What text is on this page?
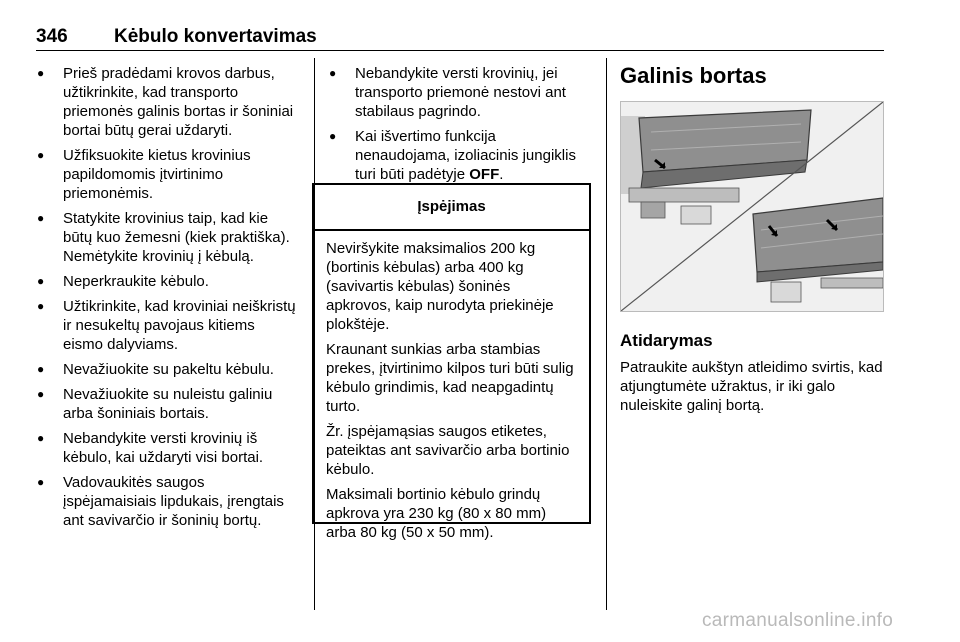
346 Kėbulo konvertavimas
● Prieš pradėdami krovos darbus, užtikrinkite, kad transporto priemonės galinis bortas ir šoniniai bortai būtų gerai uždaryti.
● Užfiksuokite kietus krovinius papildomomis įtvirtinimo priemonėmis.
● Statykite krovinius taip, kad kie būtų kuo žemesni (kiek praktiška). Nemėtykite krovinių į kėbulą.
● Neperkraukite kėbulo.
● Užtikrinkite, kad kroviniai neiškristų ir nesukeltų pavojaus kitiems eismo dalyviams.
● Nevažiuokite su pakeltu kėbulu.
● Nevažiuokite su nuleistu galiniu arba šoniniais bortais.
● Nebandykite versti krovinių iš kėbulo, kai uždaryti visi bortai.
● Vadovaukitės saugos įspėjamaisiais lipdukais, įrengtais ant savivarčio ir šoninių bortų.
● Nebandykite versti krovinių, jei transporto priemonė nestovi ant stabilaus pagrindo.
● Kai išvertimo funkcija nenaudojama, izoliacinis jungiklis turi būti padėtyje OFF.
Įspėjimas

Neviršykite maksimalios 200 kg (bortinis kėbulas) arba 400 kg (savivartis kėbulas) šoninės apkrovos, kaip nurodyta priekinėje plokštėje.

Kraunant sunkias arba stambias prekes, įtvirtinimo kilpos turi būti sulig kėbulo grindimis, kad neapgadintų turto.

Žr. įspėjamąsias saugos etiketes, pateiktas ant savivarčio arba bortinio kėbulo.

Maksimali bortinio kėbulo grindų apkrova yra 230 kg (80 x 80 mm) arba 80 kg (50 x 50 mm).

Galinis bortas
Atidarymas
Patraukite aukštyn atleidimo svirtis, kad atjungtumėte užraktus, ir iki galo nuleiskite galinį bortą.
carmanualsonline.info
